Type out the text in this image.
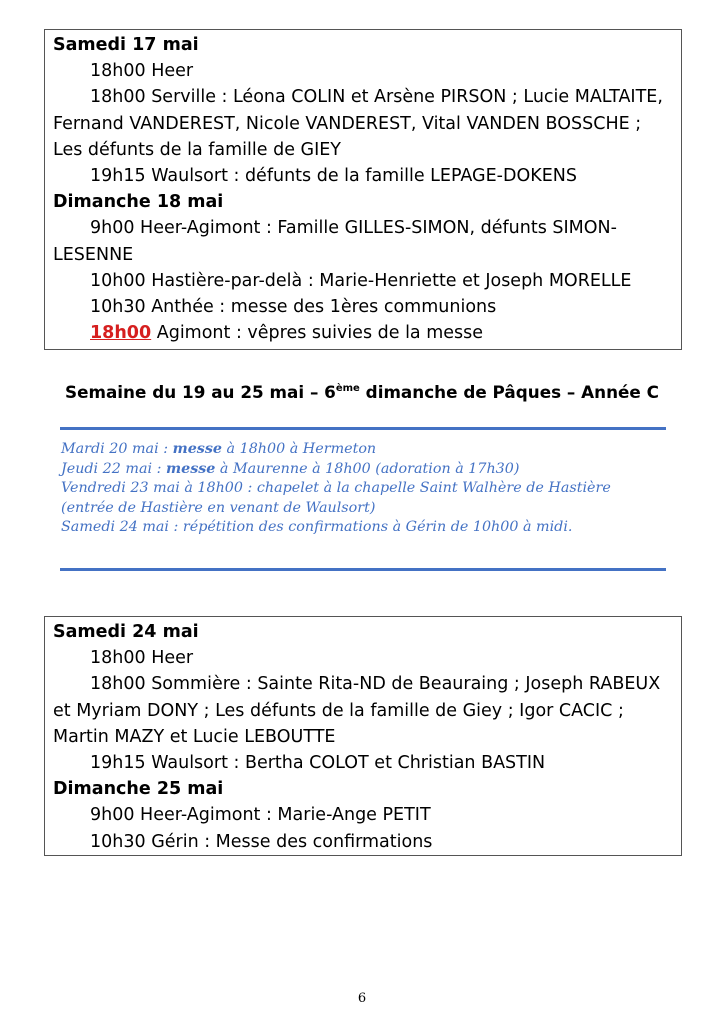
Samedi 17 mai
18h00 Heer
18h00 Serville : Léona COLIN et Arsène PIRSON ; Lucie MALTAITE, Fernand VANDEREST, Nicole VANDEREST, Vital VANDEN BOSSCHE ; Les défunts de la famille de GIEY
19h15 Waulsort : défunts de la famille LEPAGE-DOKENS
Dimanche 18 mai
9h00 Heer-Agimont : Famille GILLES-SIMON, défunts SIMON-LESENNE
10h00 Hastière-par-delà : Marie-Henriette et Joseph MORELLE
10h30 Anthée : messe des 1ères communions
18h00 Agimont : vêpres suivies de la messe
Semaine du 19 au 25 mai – 6ème dimanche de Pâques – Année C
Mardi 20 mai : messe à 18h00 à Hermeton
Jeudi 22 mai : messe à Maurenne à 18h00 (adoration à 17h30)
Vendredi 23 mai à 18h00 : chapelet à la chapelle Saint Walhère de Hastière
(entrée de Hastière en venant de Waulsort)
Samedi 24 mai : répétition des confirmations à Gérin de 10h00 à midi.
Samedi 24 mai
18h00 Heer
18h00 Sommière : Sainte Rita-ND de Beauraing ; Joseph RABEUX et Myriam DONY ; Les défunts de la famille de Giey ; Igor CACIC ; Martin MAZY et Lucie LEBOUTTE
19h15 Waulsort : Bertha COLOT et Christian BASTIN
Dimanche 25 mai
9h00 Heer-Agimont : Marie-Ange PETIT
10h30 Gérin : Messe des confirmations
6
